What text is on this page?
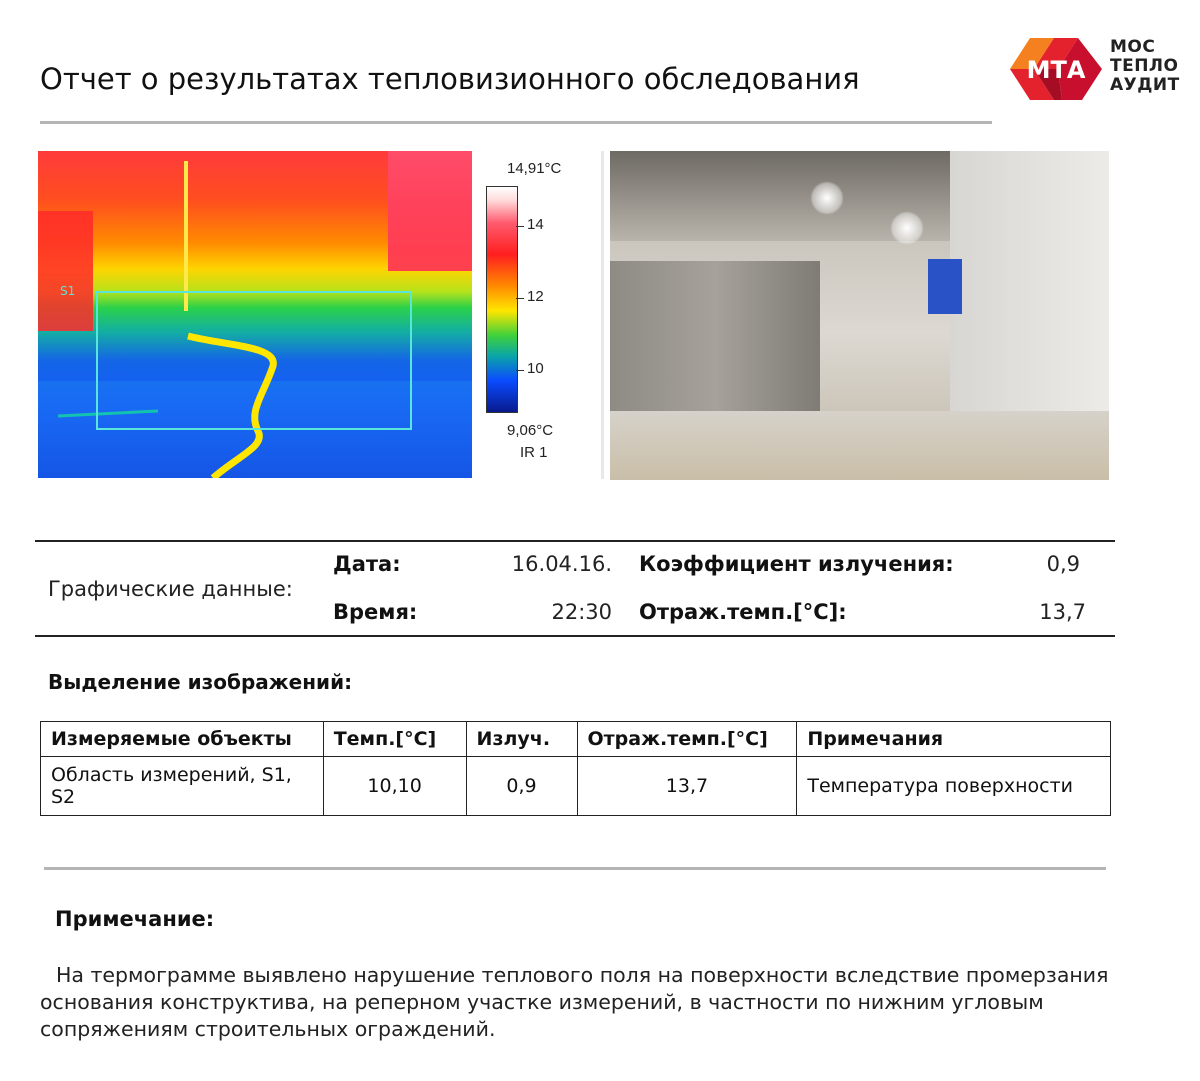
Отчет о результатах тепловизионного обследования	МТА
МОС
ТЕПЛО
АУДИТ
S1
14,91°C
14
12
10
9,06°C
IR 1
Графические данные:
Дата:	16.04.16. Коэффициент излучения:	0,9
Время:	22:30 Отраж.темп.[°C]:	13,7
Выделение изображений:
Измеряемые объекты	Темп.[°C]	Излуч.	Отраж.темп.[°C]	Примечания
Область измерений, S1, S2	10,10	0,9	13,7	Температура поверхности
Примечание:
На термограмме выявлено нарушение теплового поля на поверхности вследствие промерзания основания конструктива, на реперном участке измерений, в частности по нижним угловым сопряжениям строительных ограждений.
